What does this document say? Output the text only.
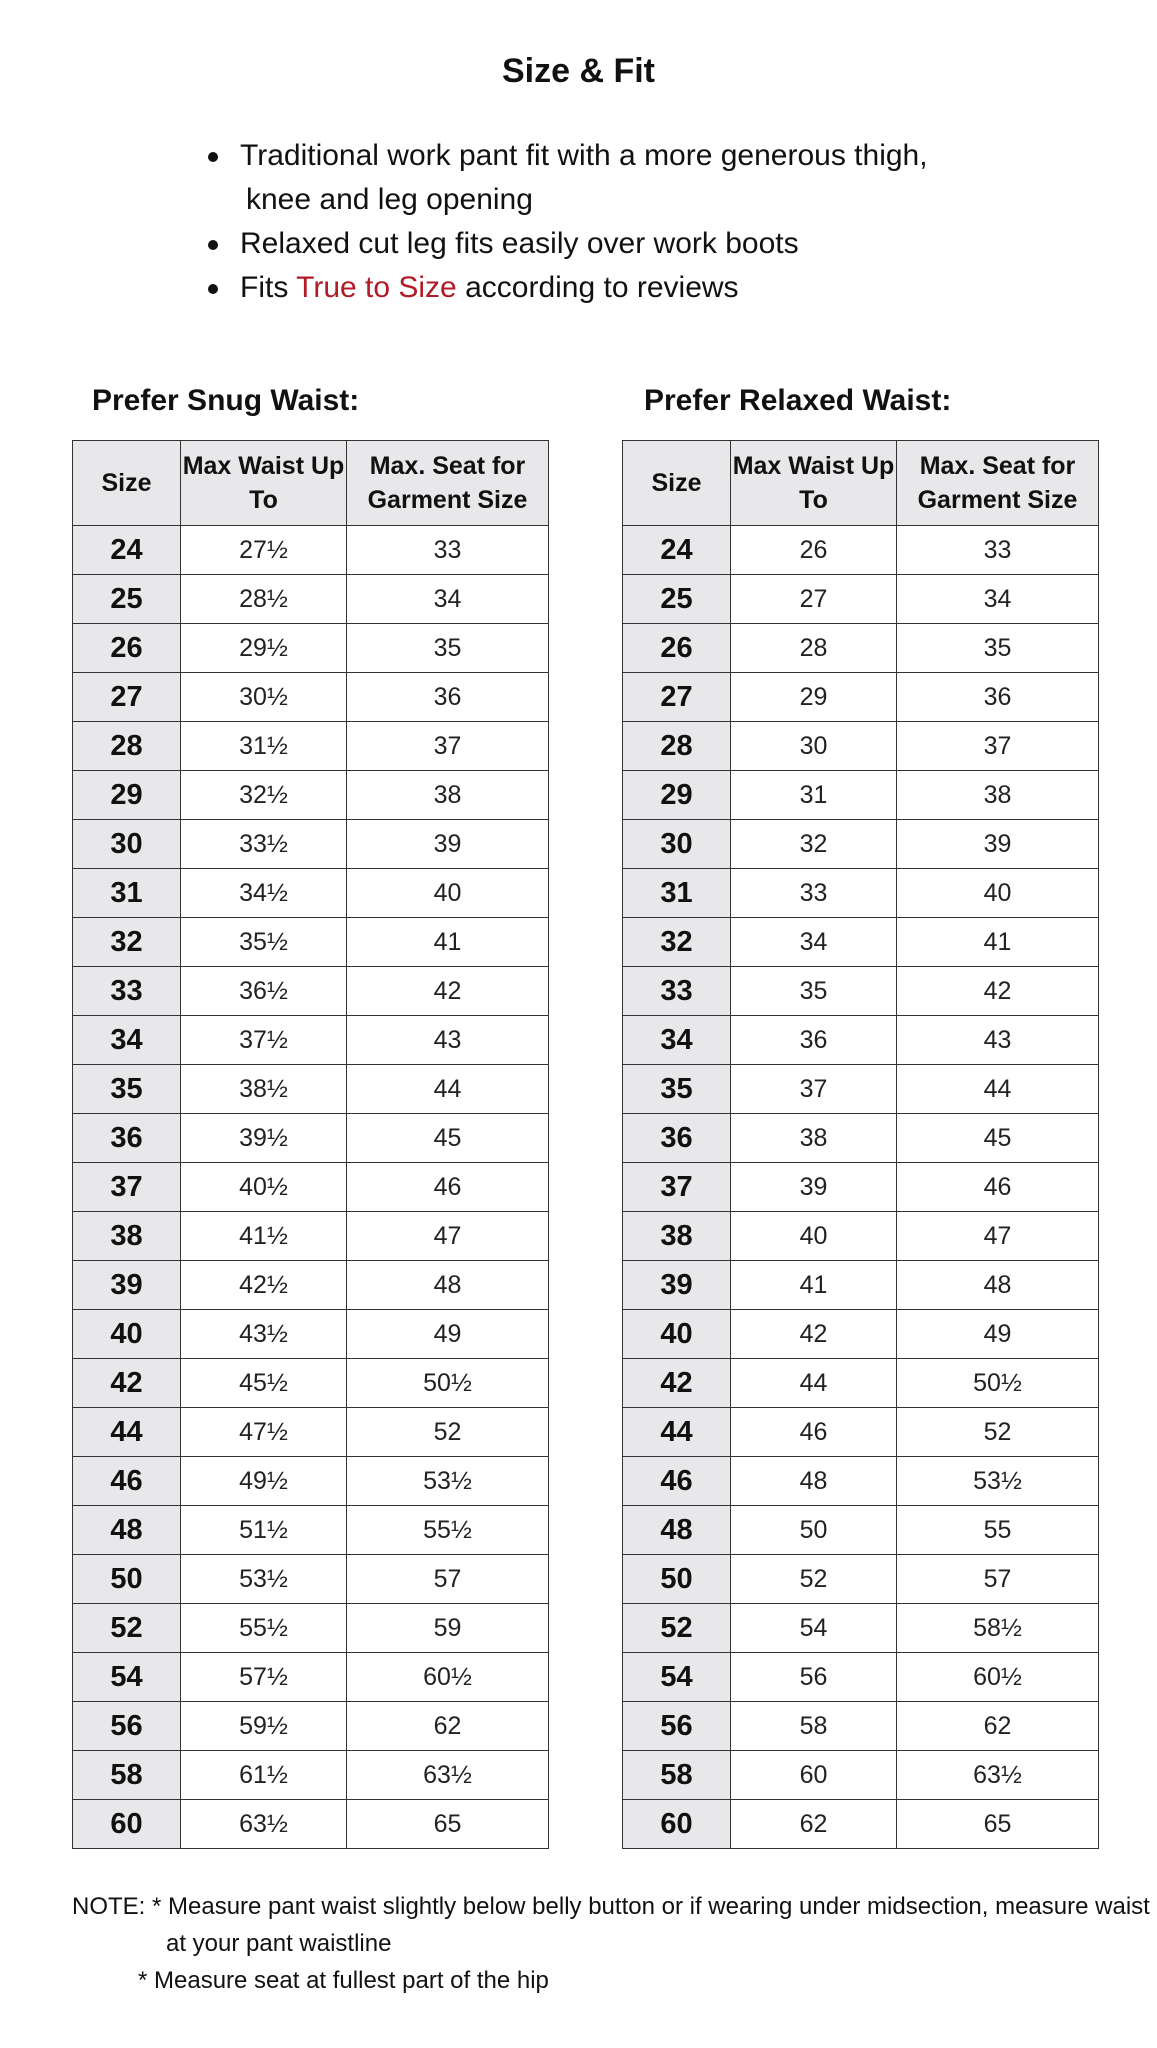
Size & Fit
Traditional work pant fit with a more generous thigh,
knee and leg opening
Relaxed cut leg fits easily over work boots
Fits True to Size according to reviews
Prefer Snug Waist:
Size	Max Waist Up To	Max. Seat for Garment Size
24	27½	33
25	28½	34
26	29½	35
27	30½	36
28	31½	37
29	32½	38
30	33½	39
31	34½	40
32	35½	41
33	36½	42
34	37½	43
35	38½	44
36	39½	45
37	40½	46
38	41½	47
39	42½	48
40	43½	49
42	45½	50½
44	47½	52
46	49½	53½
48	51½	55½
50	53½	57
52	55½	59
54	57½	60½
56	59½	62
58	61½	63½
60	63½	65
Prefer Relaxed Waist:
Size	Max Waist Up To	Max. Seat for Garment Size
24	26	33
25	27	34
26	28	35
27	29	36
28	30	37
29	31	38
30	32	39
31	33	40
32	34	41
33	35	42
34	36	43
35	37	44
36	38	45
37	39	46
38	40	47
39	41	48
40	42	49
42	44	50½
44	46	52
46	48	53½
48	50	55
50	52	57
52	54	58½
54	56	60½
56	58	62
58	60	63½
60	62	65
NOTE: * Measure pant waist slightly below belly button or if wearing under midsection, measure waist at your pant waistline
* Measure seat at fullest part of the hip
